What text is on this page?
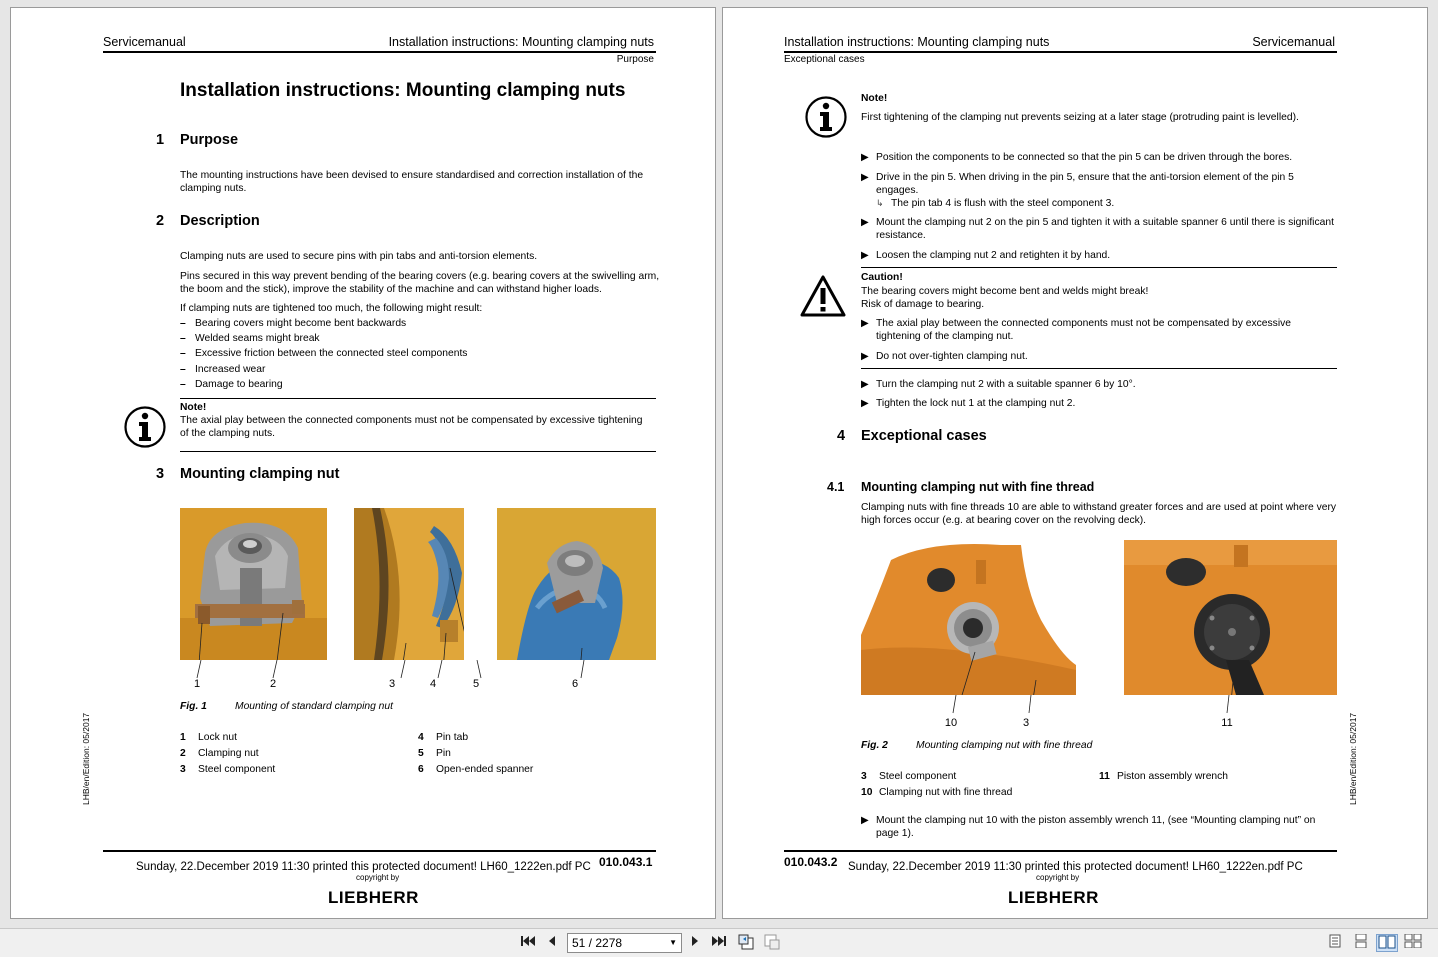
Servicemanual	Installation instructions: Mounting clamping nuts
Purpose
Installation instructions: Mounting clamping nuts
1 Purpose
The mounting instructions have been devised to ensure standardised and correction installation of the clamping nuts.
2 Description
Clamping nuts are used to secure pins with pin tabs and anti-torsion elements.
Pins secured in this way prevent bending of the bearing covers (e.g. bearing covers at the swivelling arm, the boom and the stick), improve the stability of the machine and can withstand higher loads.
If clamping nuts are tightened too much, the following might result:
– Bearing covers might become bent backwards
– Welded seams might break
– Excessive friction between the connected steel components
– Increased wear
– Damage to bearing
Note!
The axial play between the connected components must not be compensated by excessive tightening of the clamping nuts.
3 Mounting clamping nut
1	2	3	4	5	6
Fig. 1	Mounting of standard clamping nut
1 Lock nut
2 Clamping nut
3 Steel component
4 Pin tab
5 Pin
6 Open-ended spanner
LHB/en/Edition: 05/2017
Sunday, 22.December 2019 11:30 printed this protected document! LH60_1222en.pdf PC
copyright by
010.043.1
LIEBHERR
Installation instructions: Mounting clamping nuts	Servicemanual
Exceptional cases
Note!
First tightening of the clamping nut prevents seizing at a later stage (protruding paint is levelled).
▶ Position the components to be connected so that the pin 5 can be driven through the bores.
▶ Drive in the pin 5. When driving in the pin 5, ensure that the anti-torsion element of the pin 5 engages.
↳ The pin tab 4 is flush with the steel component 3.
▶ Mount the clamping nut 2 on the pin 5 and tighten it with a suitable spanner 6 until there is significant resistance.
▶ Loosen the clamping nut 2 and retighten it by hand.
Caution!
The bearing covers might become bent and welds might break!
Risk of damage to bearing.
▶ The axial play between the connected components must not be compensated by excessive tightening of the clamping nut.
▶ Do not over-tighten clamping nut.
▶ Turn the clamping nut 2 with a suitable spanner 6 by 10°.
▶ Tighten the lock nut 1 at the clamping nut 2.
4 Exceptional cases
4.1 Mounting clamping nut with fine thread
Clamping nuts with fine threads 10 are able to withstand greater forces and are used at point where very high forces occur (e.g. at bearing cover on the revolving deck).
10	3	11
Fig. 2	Mounting clamping nut with fine thread
3 Steel component
10 Clamping nut with fine thread
11 Piston assembly wrench
▶ Mount the clamping nut 10 with the piston assembly wrench 11, (see “Mounting clamping nut” on page 1).
LHB/en/Edition: 05/2017
010.043.2 Sunday, 22.December 2019 11:30 printed this protected document! LH60_1222en.pdf PC
copyright by
LIEBHERR
51 / 2278	▼
